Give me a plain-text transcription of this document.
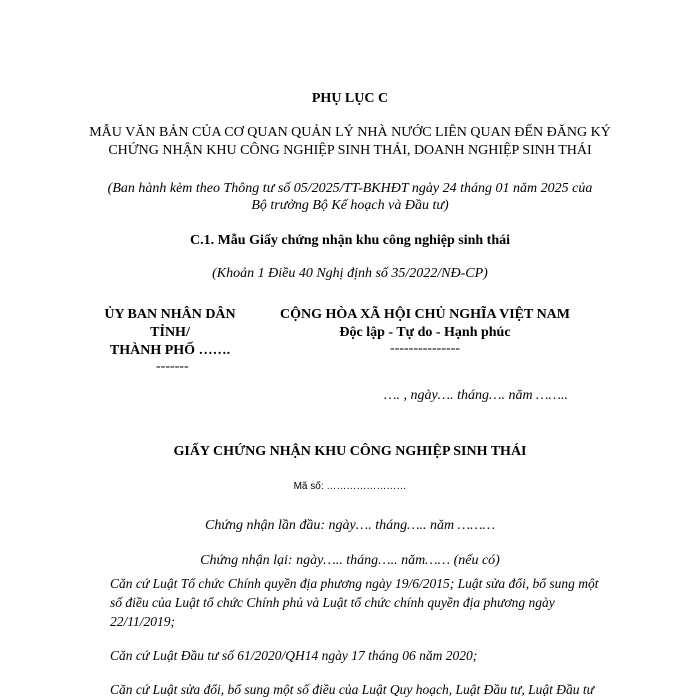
PHỤ LỤC C
MẪU VĂN BẢN CỦA CƠ QUAN QUẢN LÝ NHÀ NƯỚC LIÊN QUAN ĐẾN ĐĂNG KÝ CHỨNG NHẬN KHU CÔNG NGHIỆP SINH THÁI, DOANH NGHIỆP SINH THÁI
(Ban hành kèm theo Thông tư số 05/2025/TT-BKHĐT ngày 24 tháng 01 năm 2025 của
Bộ trưởng Bộ Kế hoạch và Đầu tư)
C.1. Mẫu Giấy chứng nhận khu công nghiệp sinh thái
(Khoản 1 Điều 40 Nghị định số 35/2022/NĐ-CP)
ỦY BAN NHÂN DÂN
TỈNH/
THÀNH PHỐ …….
-------
CỘNG HÒA XÃ HỘI CHỦ NGHĨA VIỆT NAM
Độc lập - Tự do - Hạnh phúc
---------------
…. , ngày…. tháng…. năm ……..
GIẤY CHỨNG NHẬN KHU CÔNG NGHIỆP SINH THÁI
Mã số: ……………………
Chứng nhận lần đầu: ngày…. tháng….. năm ………
Chứng nhận lại: ngày….. tháng….. năm…… (nếu có)
Căn cứ Luật Tổ chức Chính quyền địa phương ngày 19/6/2015; Luật sửa đổi, bổ sung một số điều của Luật tổ chức Chính phủ và Luật tổ chức chính quyền địa phương ngày 22/11/2019;
Căn cứ Luật Đầu tư số 61/2020/QH14 ngày 17 tháng 06 năm 2020;
Căn cứ Luật sửa đổi, bổ sung một số điều của Luật Quy hoạch, Luật Đầu tư, Luật Đầu tư
